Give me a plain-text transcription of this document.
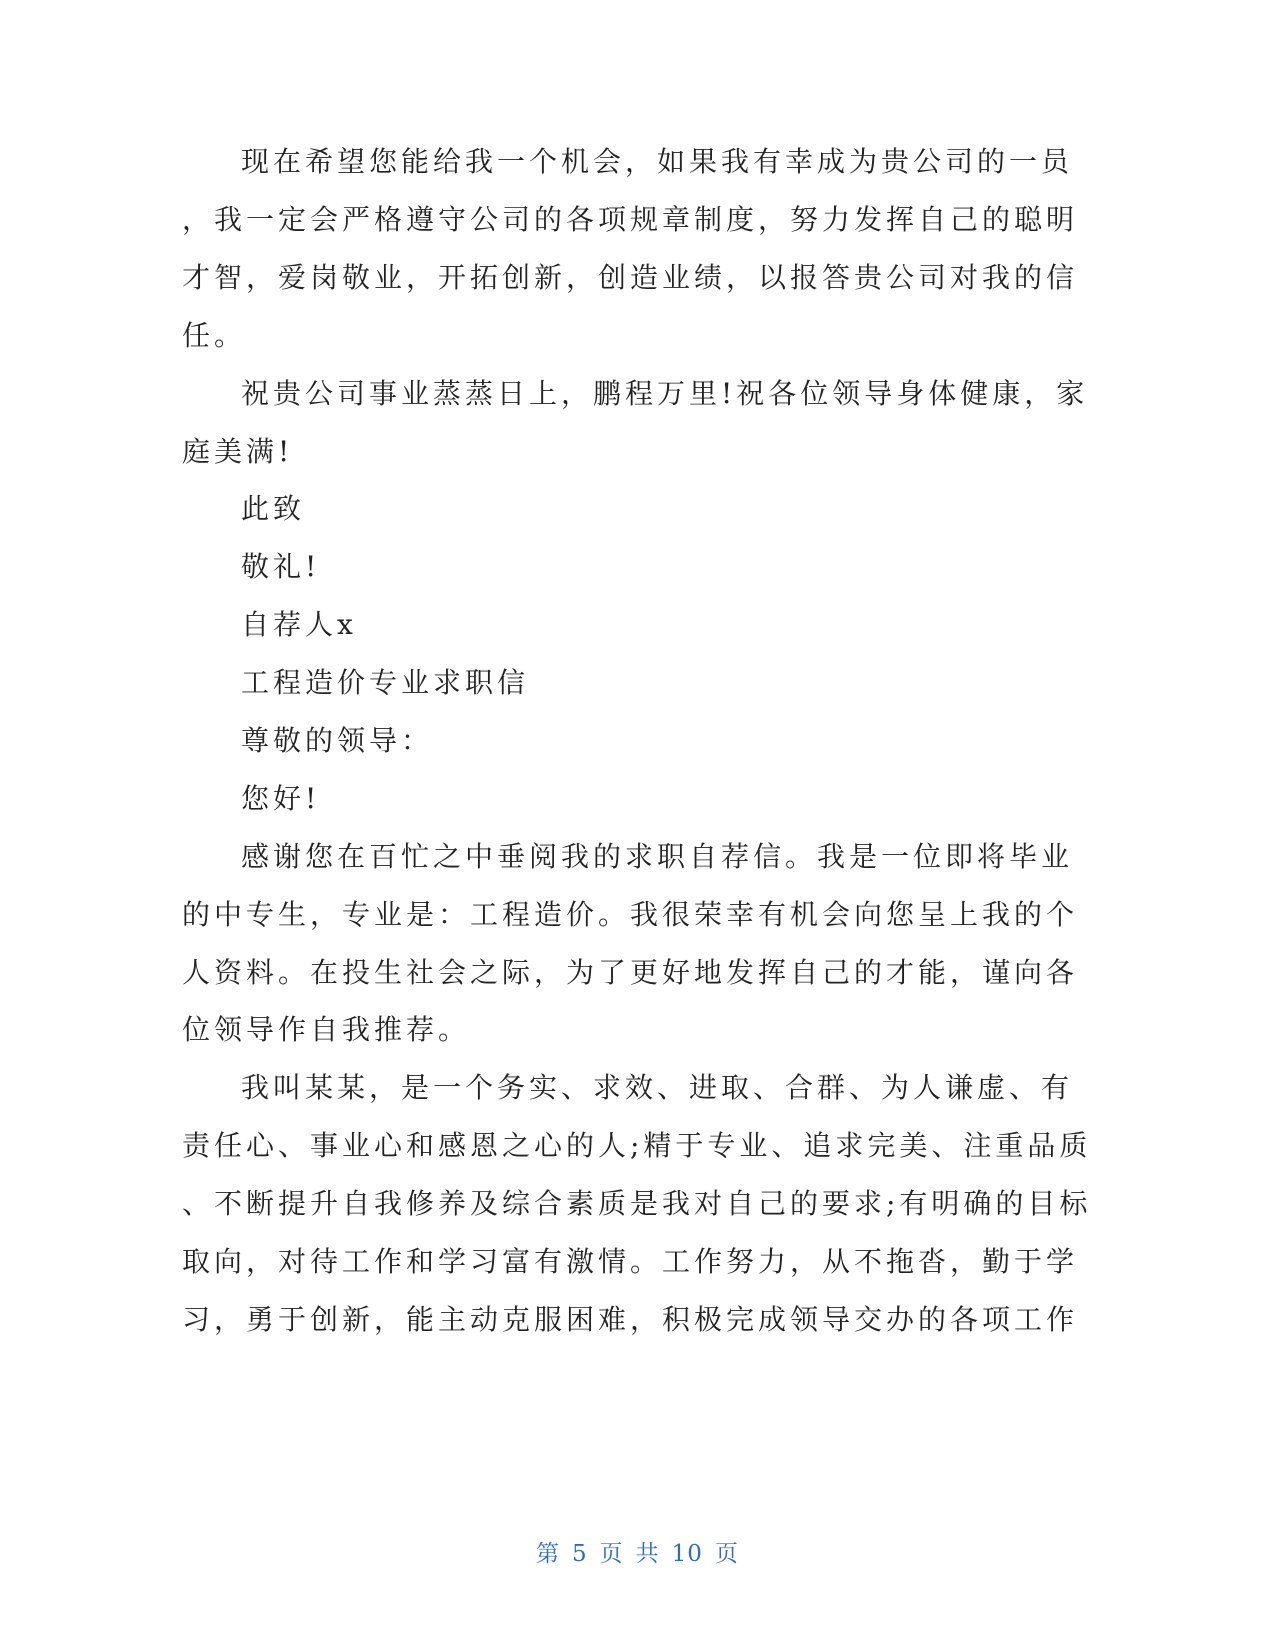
现在希望您能给我一个机会，如果我有幸成为贵公司的一员

，我一定会严格遵守公司的各项规章制度，努力发挥自己的聪明

才智，爱岗敬业，开拓创新，创造业绩，以报答贵公司对我的信

任。

祝贵公司事业蒸蒸日上，鹏程万里!祝各位领导身体健康，家

庭美满!

此致

敬礼!

自荐人x

工程造价专业求职信

尊敬的领导：

您好!

感谢您在百忙之中垂阅我的求职自荐信。我是一位即将毕业

的中专生，专业是：工程造价。我很荣幸有机会向您呈上我的个

人资料。在投生社会之际，为了更好地发挥自己的才能，谨向各

位领导作自我推荐。

我叫某某，是一个务实、求效、进取、合群、为人谦虚、有

责任心、事业心和感恩之心的人;精于专业、追求完美、注重品质

、不断提升自我修养及综合素质是我对自己的要求;有明确的目标

取向，对待工作和学习富有激情。工作努力，从不拖沓，勤于学

习，勇于创新，能主动克服困难，积极完成领导交办的各项工作

第 5 页 共 10 页
